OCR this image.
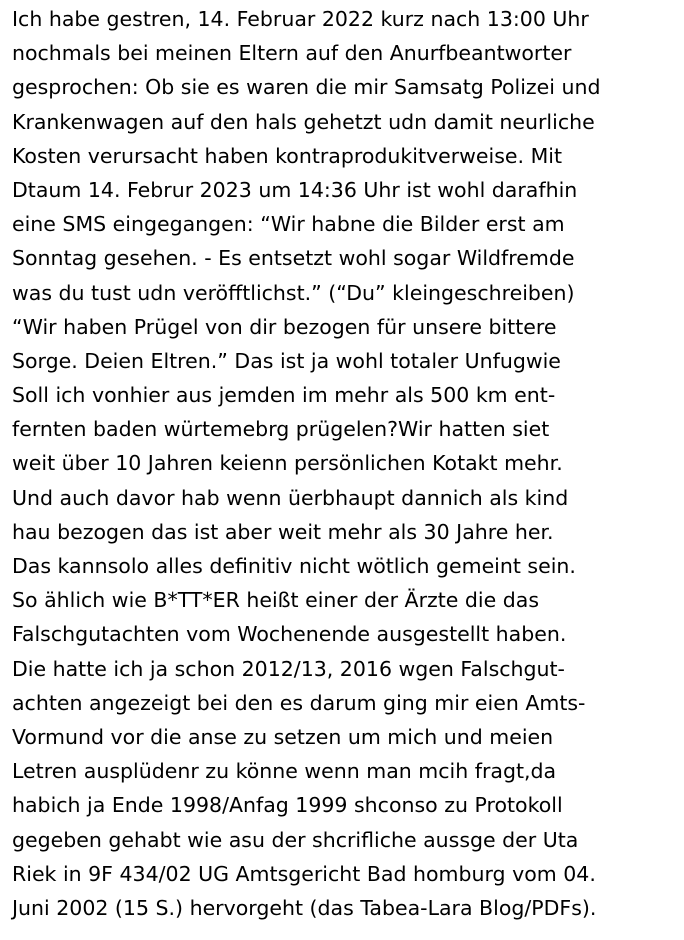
Ich habe gestren, 14. Februar 2022 kurz nach 13:00 Uhr
nochmals bei meinen Eltern auf den Anurfbeantworter
gesprochen: Ob sie es waren die mir Samsatg Polizei und
Krankenwagen auf den hals gehetzt udn damit neurliche
Kosten verursacht haben kontraprodukitverweise. Mit
Dtaum 14. Februr 2023 um 14:36 Uhr ist wohl darafhin
eine SMS eingegangen: “Wir habne die Bilder erst am
Sonntag gesehen. - Es entsetzt wohl sogar Wildfremde
was du tust udn veröfftlichst.” (“Du” kleingeschreiben)
“Wir haben Prügel von dir bezogen für unsere bittere
Sorge. Deien Eltren.” Das ist ja wohl totaler Unfugwie
Soll ich vonhier aus jemden im mehr als 500 km ent-
fernten baden würtemebrg prügelen?Wir hatten siet
weit über 10 Jahren keienn persönlichen Kotakt mehr.
Und auch davor hab wenn üerbhaupt dannich als kind
hau bezogen das ist aber weit mehr als 30 Jahre her.
Das kannsolo alles definitiv nicht wötlich gemeint sein.
So ählich wie B*TT*ER heißt einer der Ärzte die das
Falschgutachten vom Wochenende ausgestellt haben.
Die hatte ich ja schon 2012/13, 2016 wgen Falschgut-
achten angezeigt bei den es darum ging mir eien Amts-
Vormund vor die anse zu setzen um mich und meien
Letren ausplüdenr zu könne wenn man mcih fragt,da
habich ja Ende 1998/Anfag 1999 shconso zu Protokoll
gegeben gehabt wie asu der shcrifliche aussge der Uta
Riek in 9F 434/02 UG Amtsgericht Bad homburg vom 04.
Juni 2002 (15 S.) hervorgeht (das Tabea-Lara Blog/PDFs).
